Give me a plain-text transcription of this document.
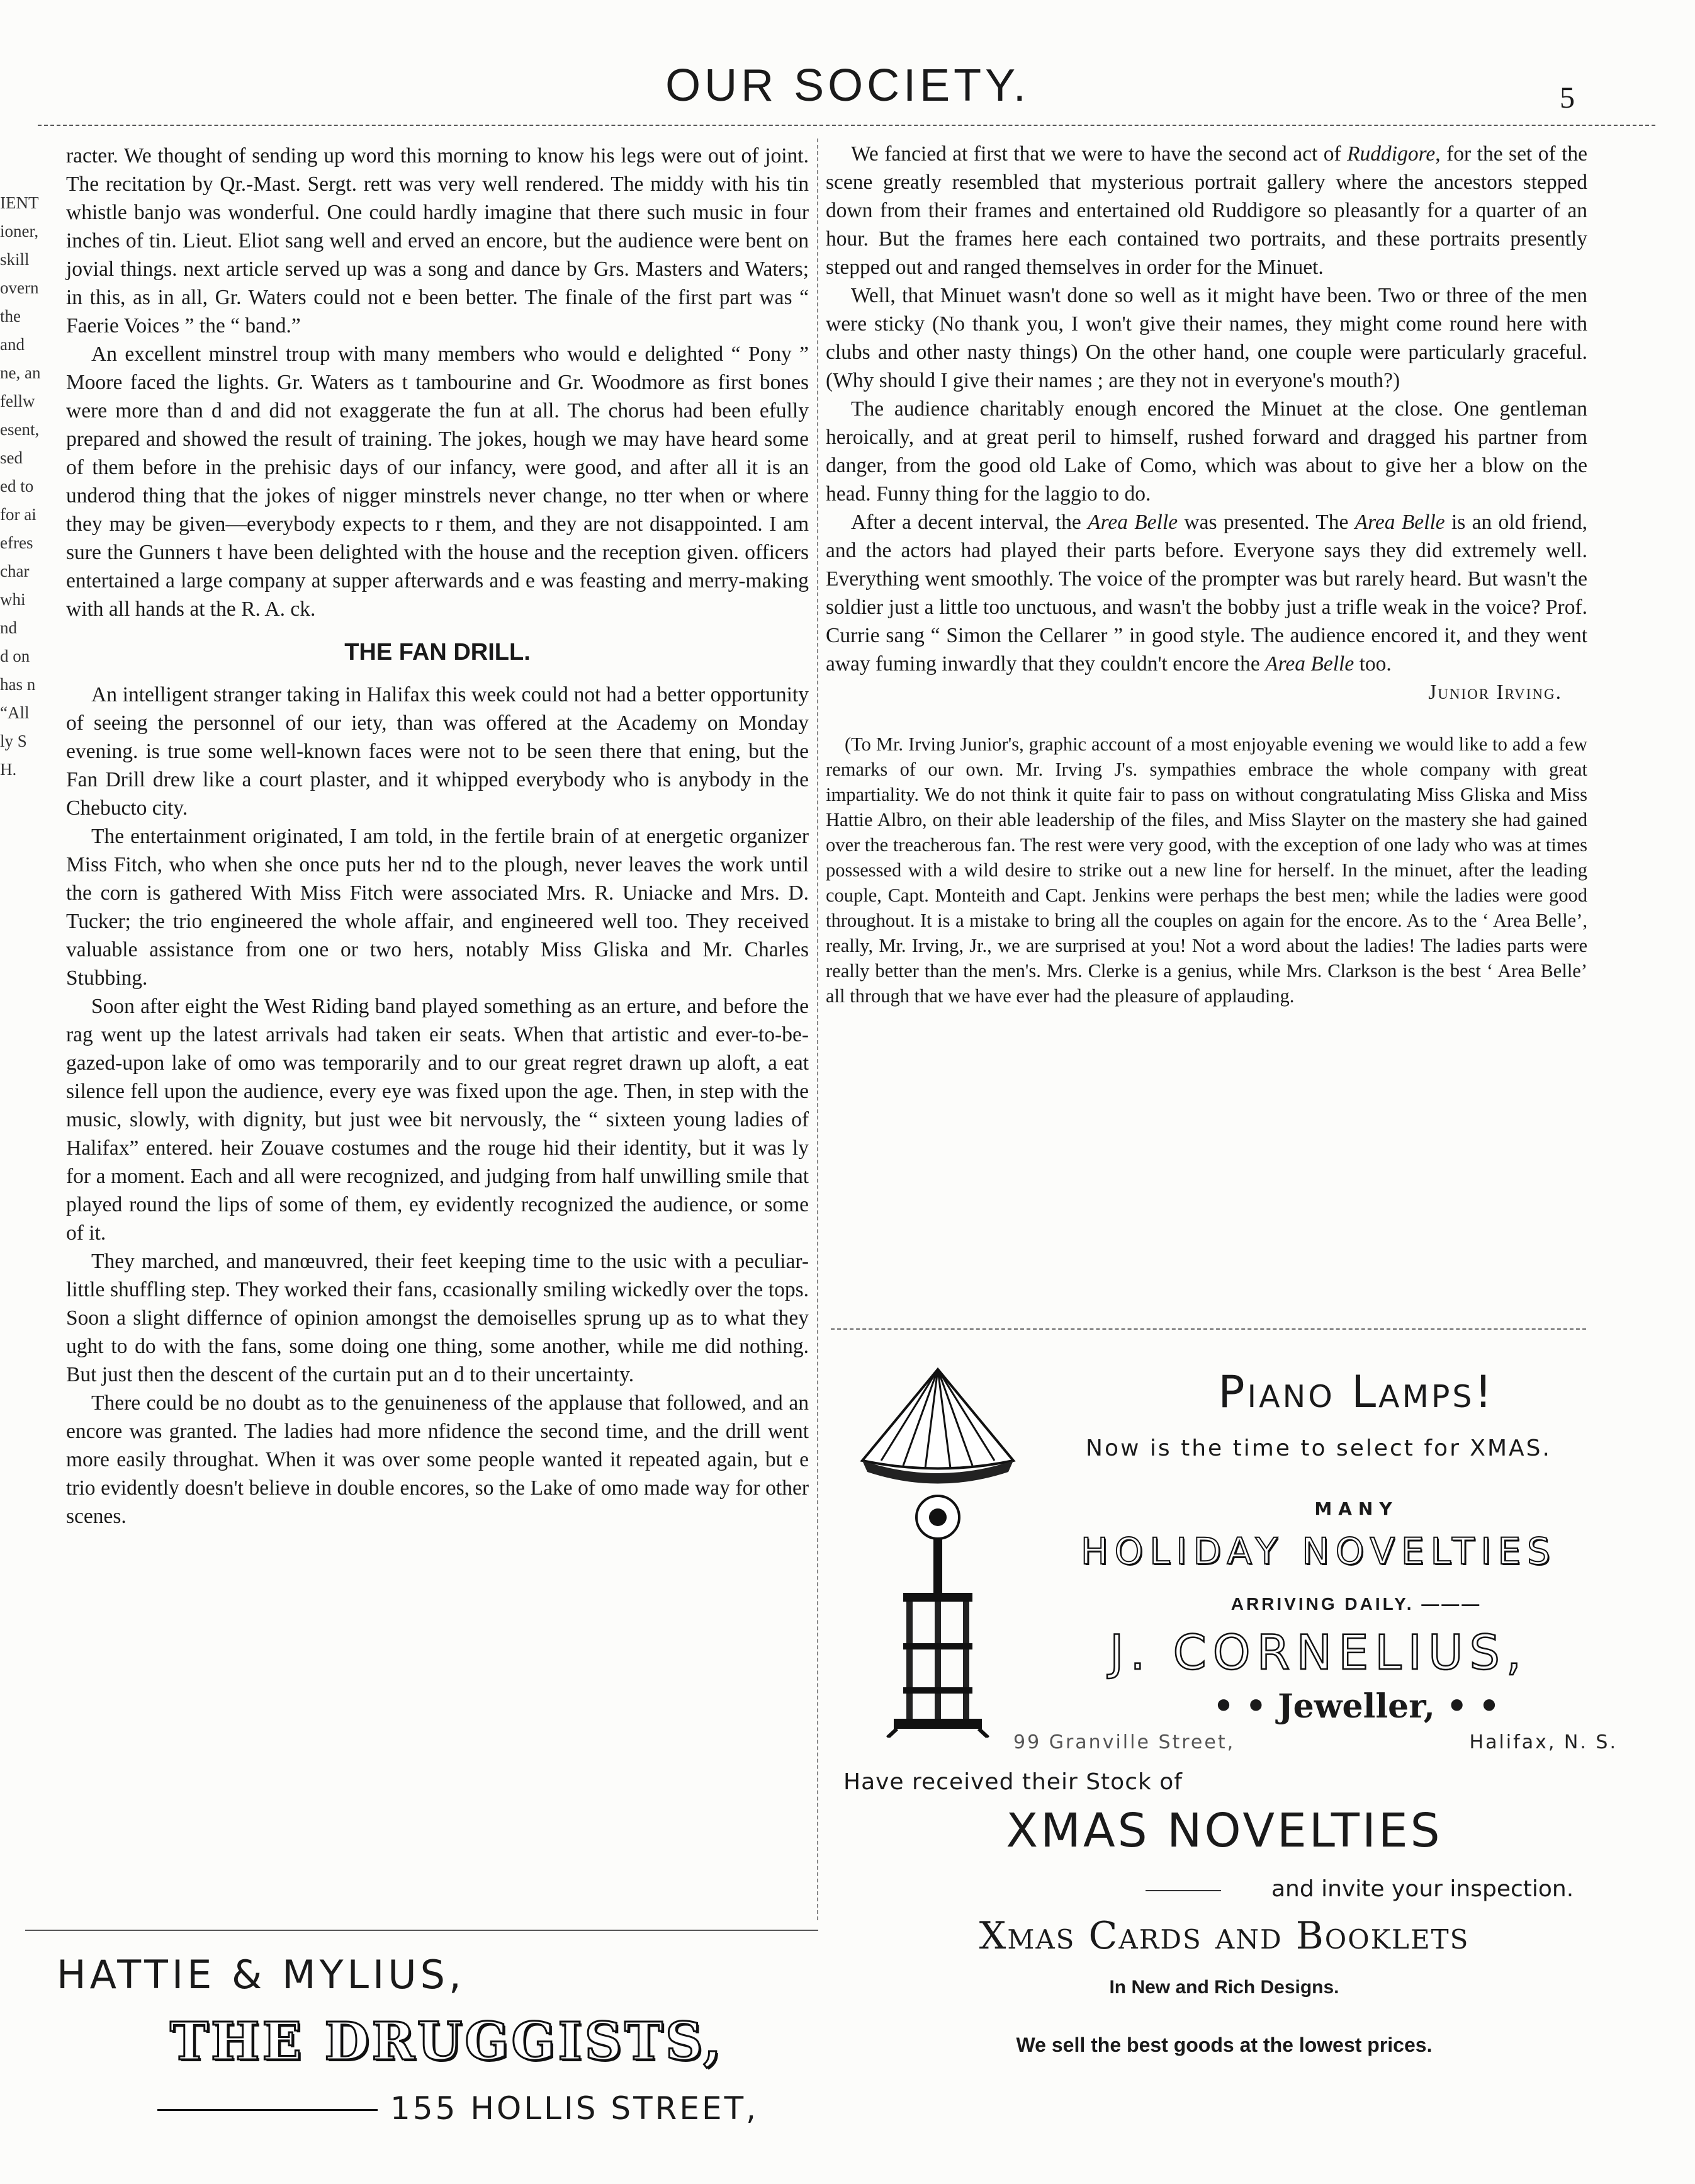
OUR SOCIETY.	5
IENT
ioner,
skill
overn
the
and
ne, an
fellw
esent,
sed
ed to
for ai
efres
char
whi
nd
d on
has n
“All
ly S
H.

racter. We thought of sending up word this morning to know his legs were out of joint. The recitation by Qr.-Mast. Sergt. rett was very well rendered. The middy with his tin whistle banjo was wonderful. One could hardly imagine that there such music in four inches of tin. Lieut. Eliot sang well and erved an encore, but the audience were bent on jovial things. next article served up was a song and dance by Grs. Masters and Waters; in this, as in all, Gr. Waters could not e been better. The finale of the first part was “ Faerie Voices ” the “ band.”

An excellent minstrel troup with many members who would e delighted “ Pony ” Moore faced the lights. Gr. Waters as t tambourine and Gr. Woodmore as first bones were more than d and did not exaggerate the fun at all. The chorus had been efully prepared and showed the result of training. The jokes, hough we may have heard some of them before in the prehisic days of our infancy, were good, and after all it is an underod thing that the jokes of nigger minstrels never change, no tter when or where they may be given—everybody expects to r them, and they are not disappointed. I am sure the Gunners t have been delighted with the house and the reception given. officers entertained a large company at supper afterwards and e was feasting and merry-making with all hands at the R. A. ck.

THE FAN DRILL.

An intelligent stranger taking in Halifax this week could not had a better opportunity of seeing the personnel of our iety, than was offered at the Academy on Monday evening. is true some well-known faces were not to be seen there that ening, but the Fan Drill drew like a court plaster, and it whipped everybody who is anybody in the Chebucto city.

The entertainment originated, I am told, in the fertile brain of at energetic organizer Miss Fitch, who when she once puts her nd to the plough, never leaves the work until the corn is gathered With Miss Fitch were associated Mrs. R. Uniacke and Mrs. D. Tucker; the trio engineered the whole affair, and engineered well too. They received valuable assistance from one or two hers, notably Miss Gliska and Mr. Charles Stubbing.

Soon after eight the West Riding band played something as an erture, and before the rag went up the latest arrivals had taken eir seats. When that artistic and ever-to-be-gazed-upon lake of omo was temporarily and to our great regret drawn up aloft, a eat silence fell upon the audience, every eye was fixed upon the age. Then, in step with the music, slowly, with dignity, but just wee bit nervously, the “ sixteen young ladies of Halifax” entered. heir Zouave costumes and the rouge hid their identity, but it was ly for a moment. Each and all were recognized, and judging from half unwilling smile that played round the lips of some of them, ey evidently recognized the audience, or some of it.

They marched, and manœuvred, their feet keeping time to the usic with a peculiar-little shuffling step. They worked their fans, ccasionally smiling wickedly over the tops. Soon a slight differnce of opinion amongst the demoiselles sprung up as to what they ught to do with the fans, some doing one thing, some another, while me did nothing. But just then the descent of the curtain put an d to their uncertainty.

There could be no doubt as to the genuineness of the applause that followed, and an encore was granted. The ladies had more nfidence the second time, and the drill went more easily throughat. When it was over some people wanted it repeated again, but e trio evidently doesn't believe in double encores, so the Lake of omo made way for other scenes.

We fancied at first that we were to have the second act of Ruddigore, for the set of the scene greatly resembled that mysterious portrait gallery where the ancestors stepped down from their frames and entertained old Ruddigore so pleasantly for a quarter of an hour. But the frames here each contained two portraits, and these portraits presently stepped out and ranged themselves in order for the Minuet.

Well, that Minuet wasn't done so well as it might have been. Two or three of the men were sticky (No thank you, I won't give their names, they might come round here with clubs and other nasty things) On the other hand, one couple were particularly graceful. (Why should I give their names ; are they not in everyone's mouth?)

The audience charitably enough encored the Minuet at the close. One gentleman heroically, and at great peril to himself, rushed forward and dragged his partner from danger, from the good old Lake of Como, which was about to give her a blow on the head. Funny thing for the laggio to do.

After a decent interval, the Area Belle was presented. The Area Belle is an old friend, and the actors had played their parts before. Everyone says they did extremely well. Everything went smoothly. The voice of the prompter was but rarely heard. But wasn't the soldier just a little too unctuous, and wasn't the bobby just a trifle weak in the voice? Prof. Currie sang “ Simon the Cellarer ” in good style. The audience encored it, and they went away fuming inwardly that they couldn't encore the Area Belle too.

Junior Irving.

(To Mr. Irving Junior's, graphic account of a most enjoyable evening we would like to add a few remarks of our own. Mr. Irving J's. sympathies embrace the whole company with great impartiality. We do not think it quite fair to pass on without congratulating Miss Gliska and Miss Hattie Albro, on their able leadership of the files, and Miss Slayter on the mastery she had gained over the treacherous fan. The rest were very good, with the exception of one lady who was at times possessed with a wild desire to strike out a new line for herself. In the minuet, after the leading couple, Capt. Monteith and Capt. Jenkins were perhaps the best men; while the ladies were good throughout. It is a mistake to bring all the couples on again for the encore. As to the ‘ Area Belle’, really, Mr. Irving, Jr., we are surprised at you! Not a word about the ladies! The ladies parts were really better than the men's. Mrs. Clerke is a genius, while Mrs. Clarkson is the best ‘ Area Belle’ all through that we have ever had the pleasure of applauding.

Piano Lamps!
Now is the time to select for XMAS.
MANY
HOLIDAY NOVELTIES
ARRIVING DAILY. ———
J. CORNELIUS,
• • Jeweller, • •
99 Granville Street,	Halifax, N. S.
Have received their Stock of
XMAS NOVELTIES
and invite your inspection.
Xmas Cards and Booklets
In New and Rich Designs.
We sell the best goods at the lowest prices.
HATTIE & MYLIUS,
THE DRUGGISTS,
155 HOLLIS STREET,
